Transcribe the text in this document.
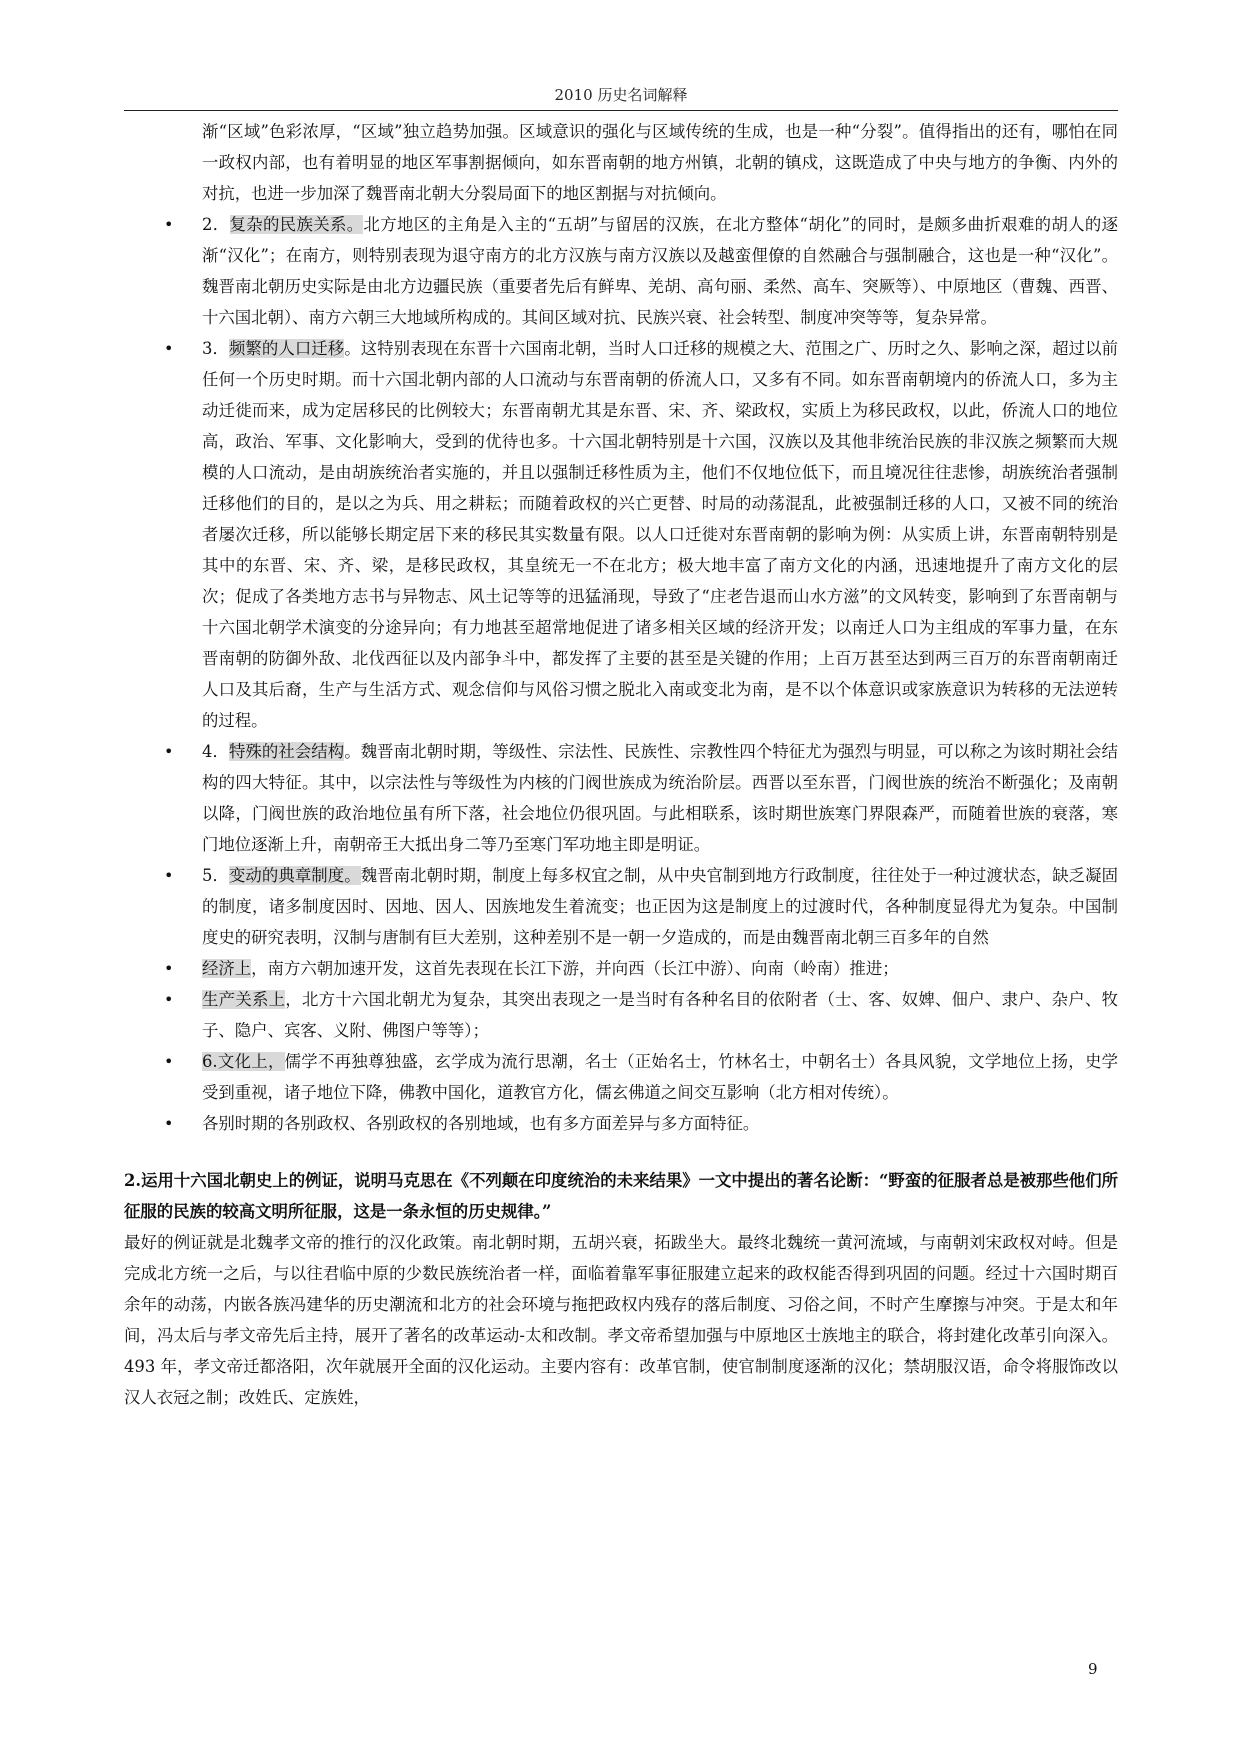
2010 历史名词解释

渐“区域”色彩浓厚，“区域”独立趋势加强。区域意识的强化与区域传统的生成，也是一种“分裂”。值得指出的还有，哪怕在同一政权内部，也有着明显的地区军事割据倾向，如东晋南朝的地方州镇，北朝的镇戍，这既造成了中央与地方的争衡、内外的对抗，也进一步加深了魏晋南北朝大分裂局面下的地区割据与对抗倾向。

• 2．复杂的民族关系。北方地区的主角是入主的“五胡”与留居的汉族，在北方整体“胡化”的同时，是颇多曲折艰难的胡人的逐渐“汉化”；在南方，则特别表现为退守南方的北方汉族与南方汉族以及越蛮俚僚的自然融合与强制融合，这也是一种“汉化”。魏晋南北朝历史实际是由北方边疆民族（重要者先后有鲜卑、羌胡、高句丽、柔然、高车、突厥等）、中原地区（曹魏、西晋、十六国北朝）、南方六朝三大地域所构成的。其间区域对抗、民族兴衰、社会转型、制度冲突等等，复杂异常。

• 3．频繁的人口迁移。这特别表现在东晋十六国南北朝，当时人口迁移的规模之大、范围之广、历时之久、影响之深，超过以前任何一个历史时期。而十六国北朝内部的人口流动与东晋南朝的侨流人口，又多有不同。如东晋南朝境内的侨流人口，多为主动迁徙而来，成为定居移民的比例较大；东晋南朝尤其是东晋、宋、齐、梁政权，实质上为移民政权，以此，侨流人口的地位高，政治、军事、文化影响大，受到的优待也多。十六国北朝特别是十六国，汉族以及其他非统治民族的非汉族之频繁而大规模的人口流动，是由胡族统治者实施的，并且以强制迁移性质为主，他们不仅地位低下，而且境况往往悲惨，胡族统治者强制迁移他们的目的，是以之为兵、用之耕耘；而随着政权的兴亡更替、时局的动荡混乱，此被强制迁移的人口，又被不同的统治者屡次迁移，所以能够长期定居下来的移民其实数量有限。以人口迁徙对东晋南朝的影响为例：从实质上讲，东晋南朝特别是其中的东晋、宋、齐、梁，是移民政权，其皇统无一不在北方；极大地丰富了南方文化的内涵，迅速地提升了南方文化的层次；促成了各类地方志书与异物志、风土记等等的迅猛涌现，导致了“庄老告退而山水方滋”的文风转变，影响到了东晋南朝与十六国北朝学术演变的分途异向；有力地甚至超常地促进了诸多相关区域的经济开发；以南迁人口为主组成的军事力量，在东晋南朝的防御外敌、北伐西征以及内部争斗中，都发挥了主要的甚至是关键的作用；上百万甚至达到两三百万的东晋南朝南迁人口及其后裔，生产与生活方式、观念信仰与风俗习惯之脱北入南或变北为南，是不以个体意识或家族意识为转移的无法逆转的过程。

• 4．特殊的社会结构。魏晋南北朝时期，等级性、宗法性、民族性、宗教性四个特征尤为强烈与明显，可以称之为该时期社会结构的四大特征。其中，以宗法性与等级性为内核的门阀世族成为统治阶层。西晋以至东晋，门阀世族的统治不断强化；及南朝以降，门阀世族的政治地位虽有所下落，社会地位仍很巩固。与此相联系，该时期世族寒门界限森严，而随着世族的衰落，寒门地位逐渐上升，南朝帝王大抵出身二等乃至寒门军功地主即是明证。

• 5．变动的典章制度。魏晋南北朝时期，制度上每多权宜之制，从中央官制到地方行政制度，往往处于一种过渡状态，缺乏凝固的制度，诸多制度因时、因地、因人、因族地发生着流变；也正因为这是制度上的过渡时代，各种制度显得尤为复杂。中国制度史的研究表明，汉制与唐制有巨大差别，这种差别不是一朝一夕造成的，而是由魏晋南北朝三百多年的自然

• 经济上，南方六朝加速开发，这首先表现在长江下游，并向西（长江中游）、向南（岭南）推进；

• 生产关系上，北方十六国北朝尤为复杂，其突出表现之一是当时有各种名目的依附者（士、客、奴婢、佃户、隶户、杂户、牧子、隐户、宾客、义附、佛图户等等）；

• 6.文化上，儒学不再独尊独盛，玄学成为流行思潮，名士（正始名士，竹林名士，中朝名士）各具风貌，文学地位上扬，史学受到重视，诸子地位下降，佛教中国化，道教官方化，儒玄佛道之间交互影响（北方相对传统）。

• 各别时期的各别政权、各别政权的各别地域，也有多方面差异与多方面特征。

2.运用十六国北朝史上的例证，说明马克思在《不列颠在印度统治的未来结果》一文中提出的著名论断：“野蛮的征服者总是被那些他们所征服的民族的较高文明所征服，这是一条永恒的历史规律。”

最好的例证就是北魏孝文帝的推行的汉化政策。南北朝时期，五胡兴衰，拓跋坐大。最终北魏统一黄河流域，与南朝刘宋政权对峙。但是完成北方统一之后，与以往君临中原的少数民族统治者一样，面临着靠军事征服建立起来的政权能否得到巩固的问题。经过十六国时期百余年的动荡，内嵌各族冯建华的历史潮流和北方的社会环境与拖把政权内残存的落后制度、习俗之间，不时产生摩擦与冲突。于是太和年间，冯太后与孝文帝先后主持，展开了著名的改革运动-太和改制。孝文帝希望加强与中原地区士族地主的联合，将封建化改革引向深入。493 年，孝文帝迁都洛阳，次年就展开全面的汉化运动。主要内容有：改革官制，使官制制度逐渐的汉化；禁胡服汉语，命令将服饰改以汉人衣冠之制；改姓氏、定族姓，

9
